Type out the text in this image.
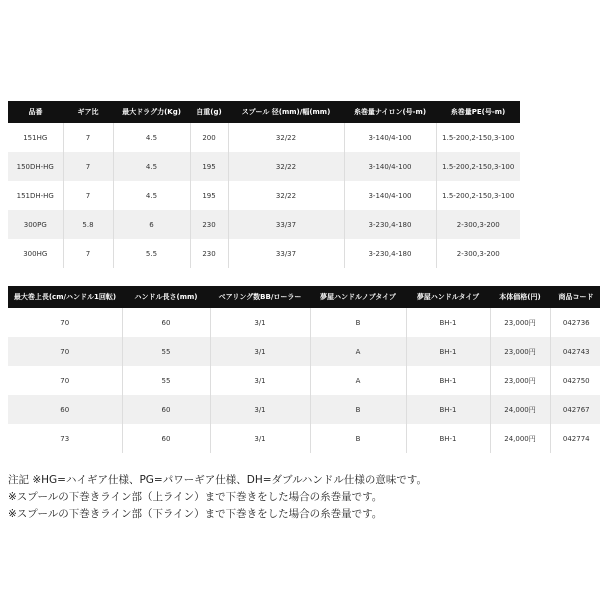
品番	ギア比	最大ドラグ力(Kg)	自重(g)	スプール 径(mm)/幅(mm)	糸巻量ナイロン(号-m)	糸巻量PE(号-m)
151HG	7	4.5	200	32/22	3-140/4-100	1.5-200,2-150,3-100
150DH-HG	7	4.5	195	32/22	3-140/4-100	1.5-200,2-150,3-100
151DH-HG	7	4.5	195	32/22	3-140/4-100	1.5-200,2-150,3-100
300PG	5.8	6	230	33/37	3-230,4-180	2-300,3-200
300HG	7	5.5	230	33/37	3-230,4-180	2-300,3-200
最大巻上長(cm/ハンドル1回転)	ハンドル長さ(mm)	ベアリング数BB/ローラー	夢屋ハンドルノブタイプ	夢屋ハンドルタイプ	本体価格(円)	商品コード
70	60	3/1	B	BH-1	23,000円	042736
70	55	3/1	A	BH-1	23,000円	042743
70	55	3/1	A	BH-1	23,000円	042750
60	60	3/1	B	BH-1	24,000円	042767
73	60	3/1	B	BH-1	24,000円	042774

注記 ※HG=ハイギア仕様、PG=パワーギア仕様、DH=ダブルハンドル仕様の意味です。

※スプールの下巻きライン部（上ライン）まで下巻きをした場合の糸巻量です。

※スプールの下巻きライン部（下ライン）まで下巻きをした場合の糸巻量です。
